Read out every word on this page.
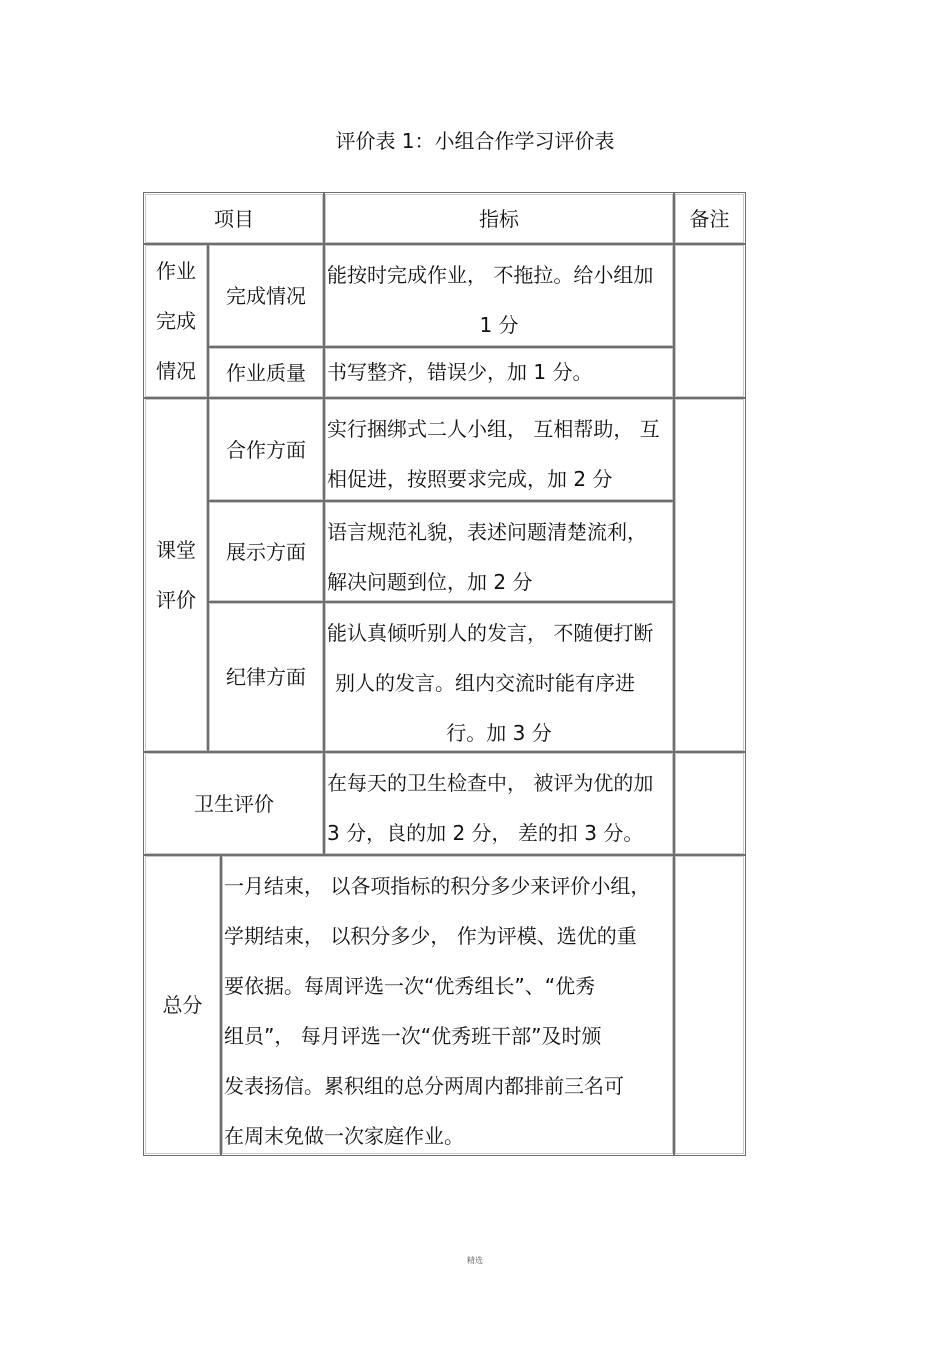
评价表 1：小组合作学习评价表
项目	指标	备注
作业
完成
情况
完成情况
能按时完成作业， 不拖拉。给小组加
1 分
作业质量 书写整齐，错误少，加 1 分。
课堂
评价
合作方面
实行捆绑式二人小组， 互相帮助， 互
相促进，按照要求完成，加 2 分
展示方面
语言规范礼貌，表述问题清楚流利，
解决问题到位，加 2 分
纪律方面
能认真倾听别人的发言， 不随便打断
别人的发言。组内交流时能有序进
行。加 3 分
卫生评价
在每天的卫生检查中， 被评为优的加
3 分，良的加 2 分， 差的扣 3 分。
总分
一月结束， 以各项指标的积分多少来评价小组，
学期结束， 以积分多少， 作为评模、选优的重
要依据。每周评选一次“优秀组长”、“优秀
组员”， 每月评选一次“优秀班干部”及时颁
发表扬信。累积组的总分两周内都排前三名可
在周末免做一次家庭作业。
精选
